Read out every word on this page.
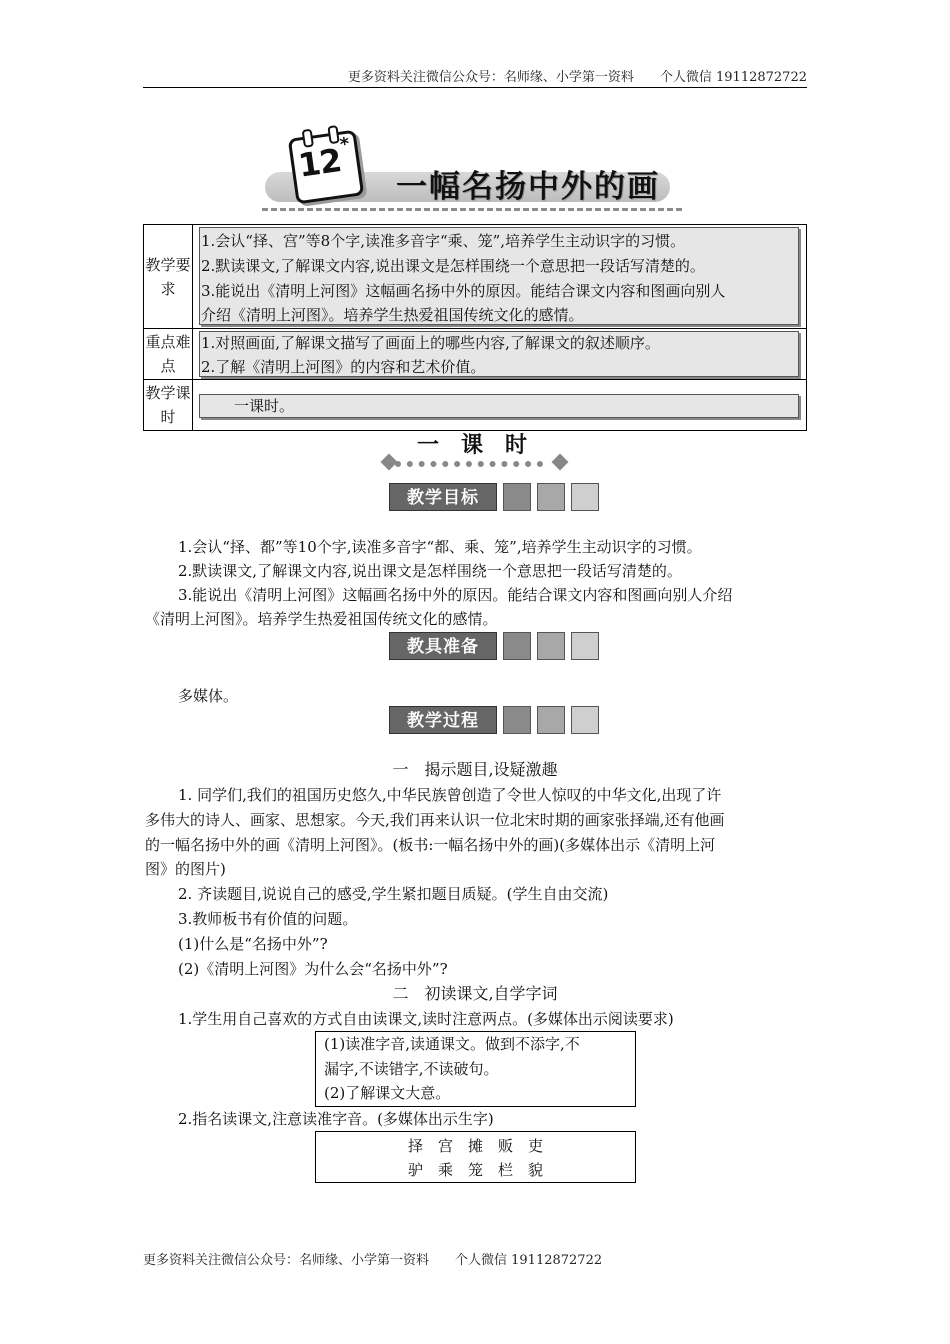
更多资料关注微信公众号：名师缘、小学第一资料　　个人微信 19112872722
12
*
一幅名扬中外的画
教学要求
1.会认“择、宫”等8个字,读准多音字“乘、笼”,培养学生主动识字的习惯。
2.默读课文,了解课文内容,说出课文是怎样围绕一个意思把一段话写清楚的。
3.能说出《清明上河图》这幅画名扬中外的原因。能结合课文内容和图画向别人
介绍《清明上河图》。培养学生热爱祖国传统文化的感情。
重点难点
1.对照画面,了解课文描写了画面上的哪些内容,了解课文的叙述顺序。
2.了解《清明上河图》的内容和艺术价值。
教学课时
一课时。
一课时
教学目标
1.会认“择、都”等10个字,读准多音字“都、乘、笼”,培养学生主动识字的习惯。
2.默读课文,了解课文内容,说出课文是怎样围绕一个意思把一段话写清楚的。
3.能说出《清明上河图》这幅画名扬中外的原因。能结合课文内容和图画向别人介绍
《清明上河图》。培养学生热爱祖国传统文化的感情。
教具准备
多媒体。
教学过程
一　揭示题目,设疑激趣
1. 同学们,我们的祖国历史悠久,中华民族曾创造了令世人惊叹的中华文化,出现了许
多伟大的诗人、画家、思想家。今天,我们再来认识一位北宋时期的画家张择端,还有他画
的一幅名扬中外的画《清明上河图》。(板书:一幅名扬中外的画)(多媒体出示《清明上河
图》的图片)
2. 齐读题目,说说自己的感受,学生紧扣题目质疑。(学生自由交流)
3.教师板书有价值的问题。
(1)什么是“名扬中外”?
(2)《清明上河图》为什么会“名扬中外”?
二　初读课文,自学字词
1.学生用自己喜欢的方式自由读课文,读时注意两点。(多媒体出示阅读要求)
(1)读准字音,读通课文。做到不添字,不
漏字,不读错字,不读破句。
(2)了解课文大意。
2.指名读课文,注意读准字音。(多媒体出示生字)
择　宫　摊　贩　吏
驴　乘　笼　栏　貌
更多资料关注微信公众号：名师缘、小学第一资料　　个人微信 19112872722
